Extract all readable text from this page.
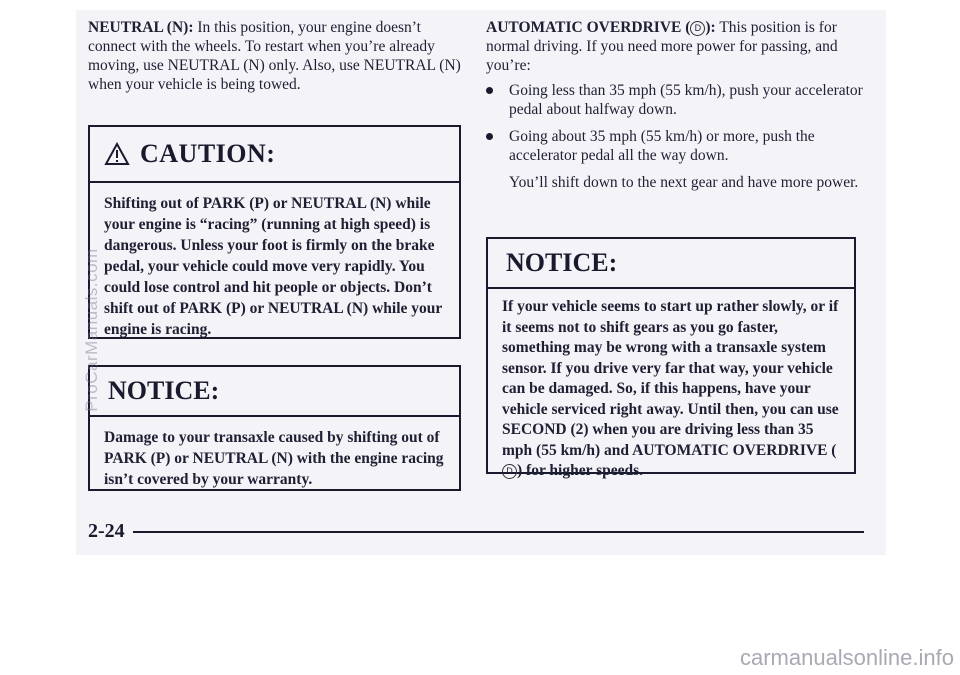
NEUTRAL (N): In this position, your engine doesn’t connect with the wheels. To restart when you’re already moving, use NEUTRAL (N) only. Also, use NEUTRAL (N) when your vehicle is being towed.

CAUTION:
Shifting out of PARK (P) or NEUTRAL (N) while your engine is “racing” (running at high speed) is dangerous. Unless your foot is firmly on the brake pedal, your vehicle could move very rapidly. You could lose control and hit people or objects. Don’t shift out of PARK (P) or NEUTRAL (N) while your engine is racing.
NOTICE:
Damage to your transaxle caused by shifting out of PARK (P) or NEUTRAL (N) with the engine racing isn’t covered by your warranty.

AUTOMATIC OVERDRIVE ( D ): This position is for normal driving. If you need more power for passing, and you’re:

Going less than 35 mph (55 km/h), push your accelerator pedal about halfway down.
Going about 35 mph (55 km/h) or more, push the accelerator pedal all the way down.

You’ll shift down to the next gear and have more power.

NOTICE:
If your vehicle seems to start up rather slowly, or if it seems not to shift gears as you go faster, something may be wrong with a transaxle system sensor. If you drive very far that way, your vehicle can be damaged. So, if this happens, have your vehicle serviced right away. Until then, you can use SECOND (2) when you are driving less than 35 mph (55 km/h) and AUTOMATIC OVERDRIVE (D ) for higher speeds.
2-24
ProCarManuals.com
carmanualsonline.info
